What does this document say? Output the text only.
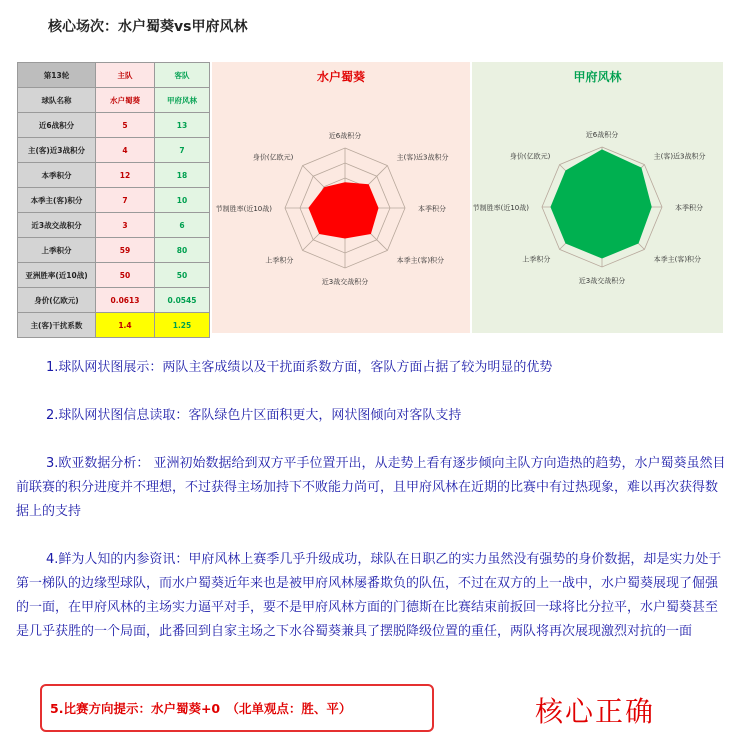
核心场次：水户蜀葵vs甲府风林
第13轮	主队	客队
球队名称	水户蜀葵	甲府风林
近6战积分	5	13
主(客)近3战积分	4	7
本季积分	12	18
本季主(客)积分	7	10
近3战交战积分	3	6
上季积分	59	80
亚洲胜率(近10战)	50	50
身价(亿欧元)	0.0613	0.0545
主(客)干扰系数	1.4	1.25
水户蜀葵
近6战积分
主(客)近3战积分
本季积分
本季主(客)积分
近3战交战积分
上季积分
节制胜率(近10战)
身价(亿欧元)
甲府风林
近6战积分
主(客)近3战积分
本季积分
本季主(客)积分
近3战交战积分
上季积分
节制胜率(近10战)
身价(亿欧元)

1.球队网状图展示：两队主客成绩以及干扰面系数方面，客队方面占据了较为明显的优势

2.球队网状图信息读取：客队绿色片区面积更大，网状图倾向对客队支持

3.欧亚数据分析： 亚洲初始数据给到双方平手位置开出，从走势上看有逐步倾向主队方向造热的趋势，水户蜀葵虽然目前联赛的积分进度并不理想，不过获得主场加持下不败能力尚可，且甲府风林在近期的比赛中有过热现象，难以再次获得数据上的支持

4.鲜为人知的内参资讯：甲府风林上赛季几乎升级成功，球队在日职乙的实力虽然没有强势的身价数据，却是实力处于第一梯队的边缘型球队，而水户蜀葵近年来也是被甲府风林屡番欺负的队伍，不过在双方的上一战中，水户蜀葵展现了倔强的一面，在甲府风林的主场实力逼平对手，要不是甲府风林方面的门德斯在比赛结束前扳回一球将比分拉平，水户蜀葵甚至是几乎获胜的一个局面，此番回到自家主场之下水谷蜀葵兼具了摆脱降级位置的重任，两队将再次展现激烈对抗的一面

5.比赛方向提示：水户蜀葵+0　（北单观点：胜、平）	核心正确
